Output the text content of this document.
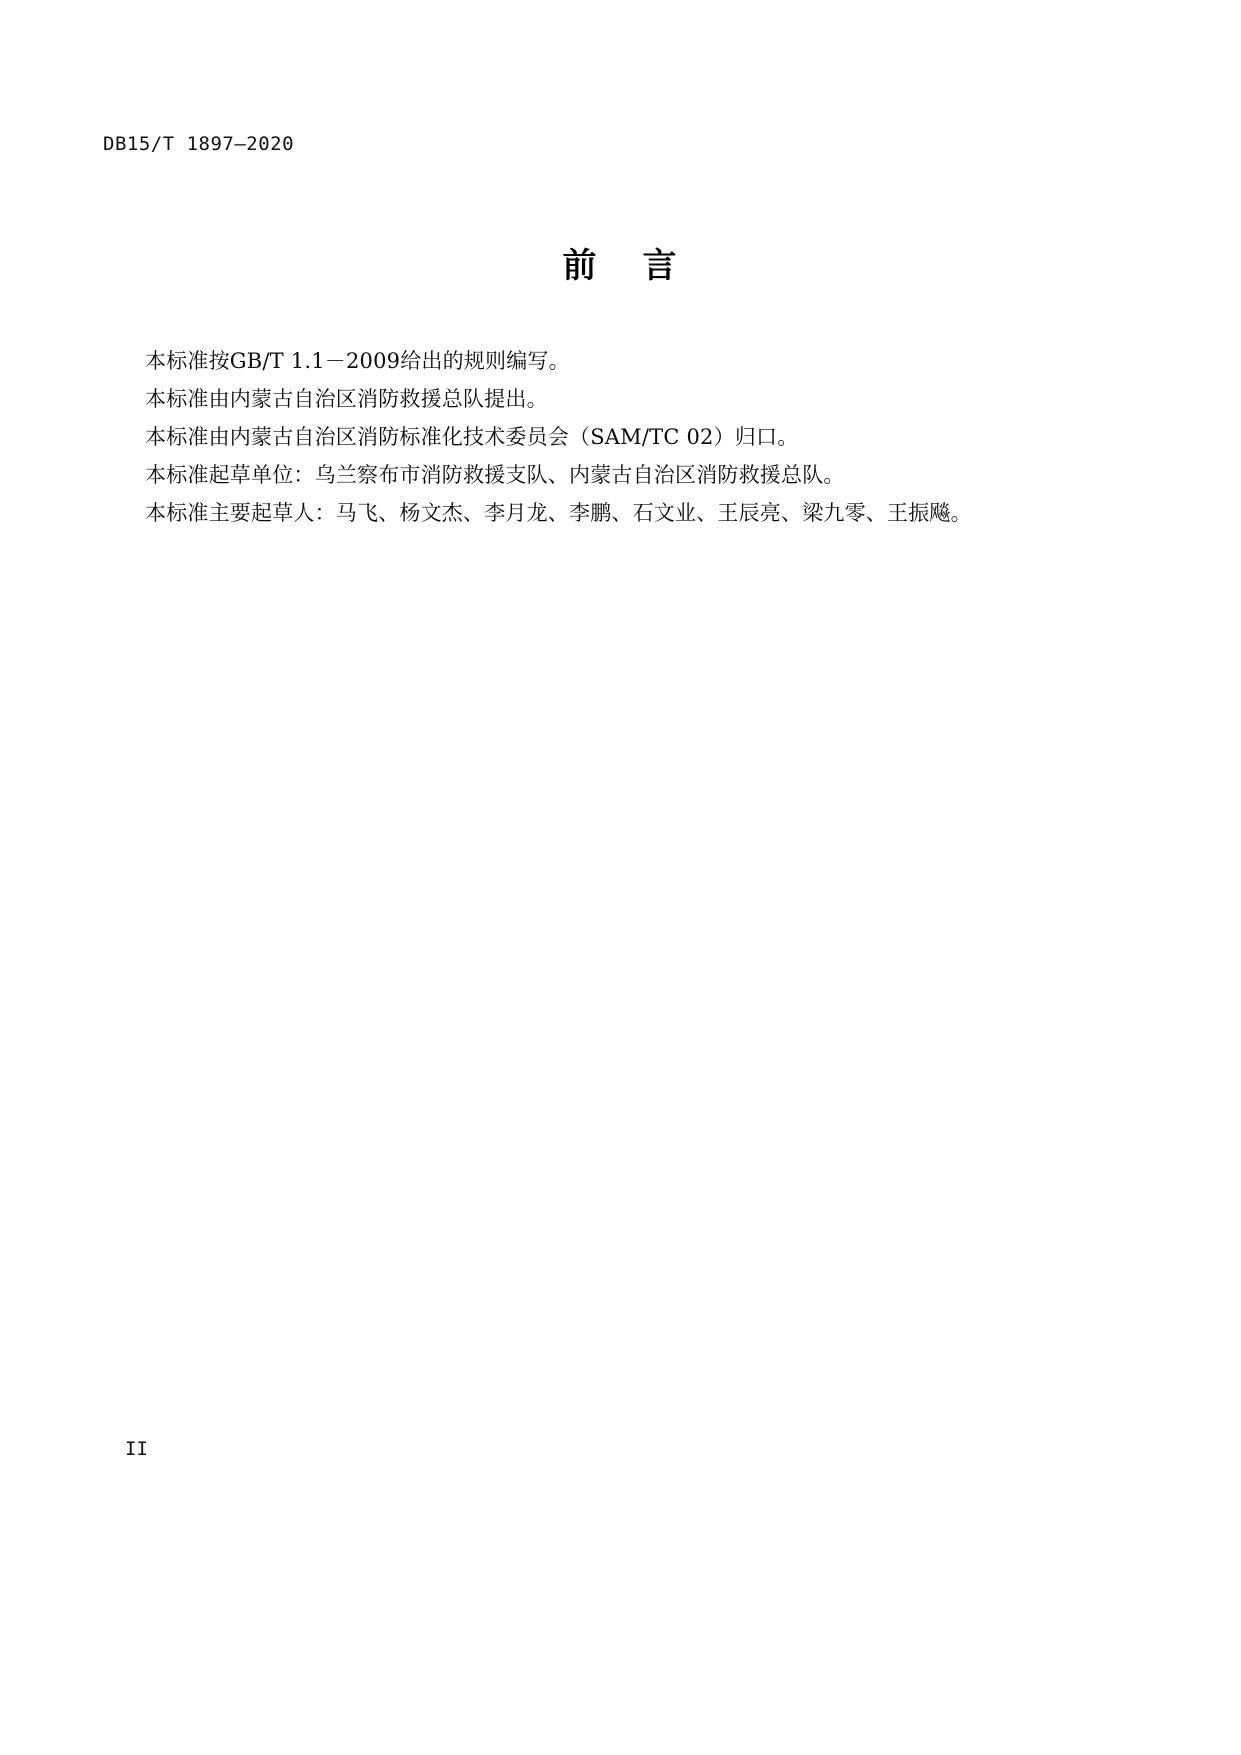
DB15/T 1897—2020
前 言

本标准按GB/T 1.1－2009给出的规则编写。

本标准由内蒙古自治区消防救援总队提出。

本标准由内蒙古自治区消防标准化技术委员会（SAM/TC 02）归口。

本标准起草单位：乌兰察布市消防救援支队、内蒙古自治区消防救援总队。

本标准主要起草人：马飞、杨文杰、李月龙、李鹏、石文业、王辰亮、梁九零、王振飚。

II
